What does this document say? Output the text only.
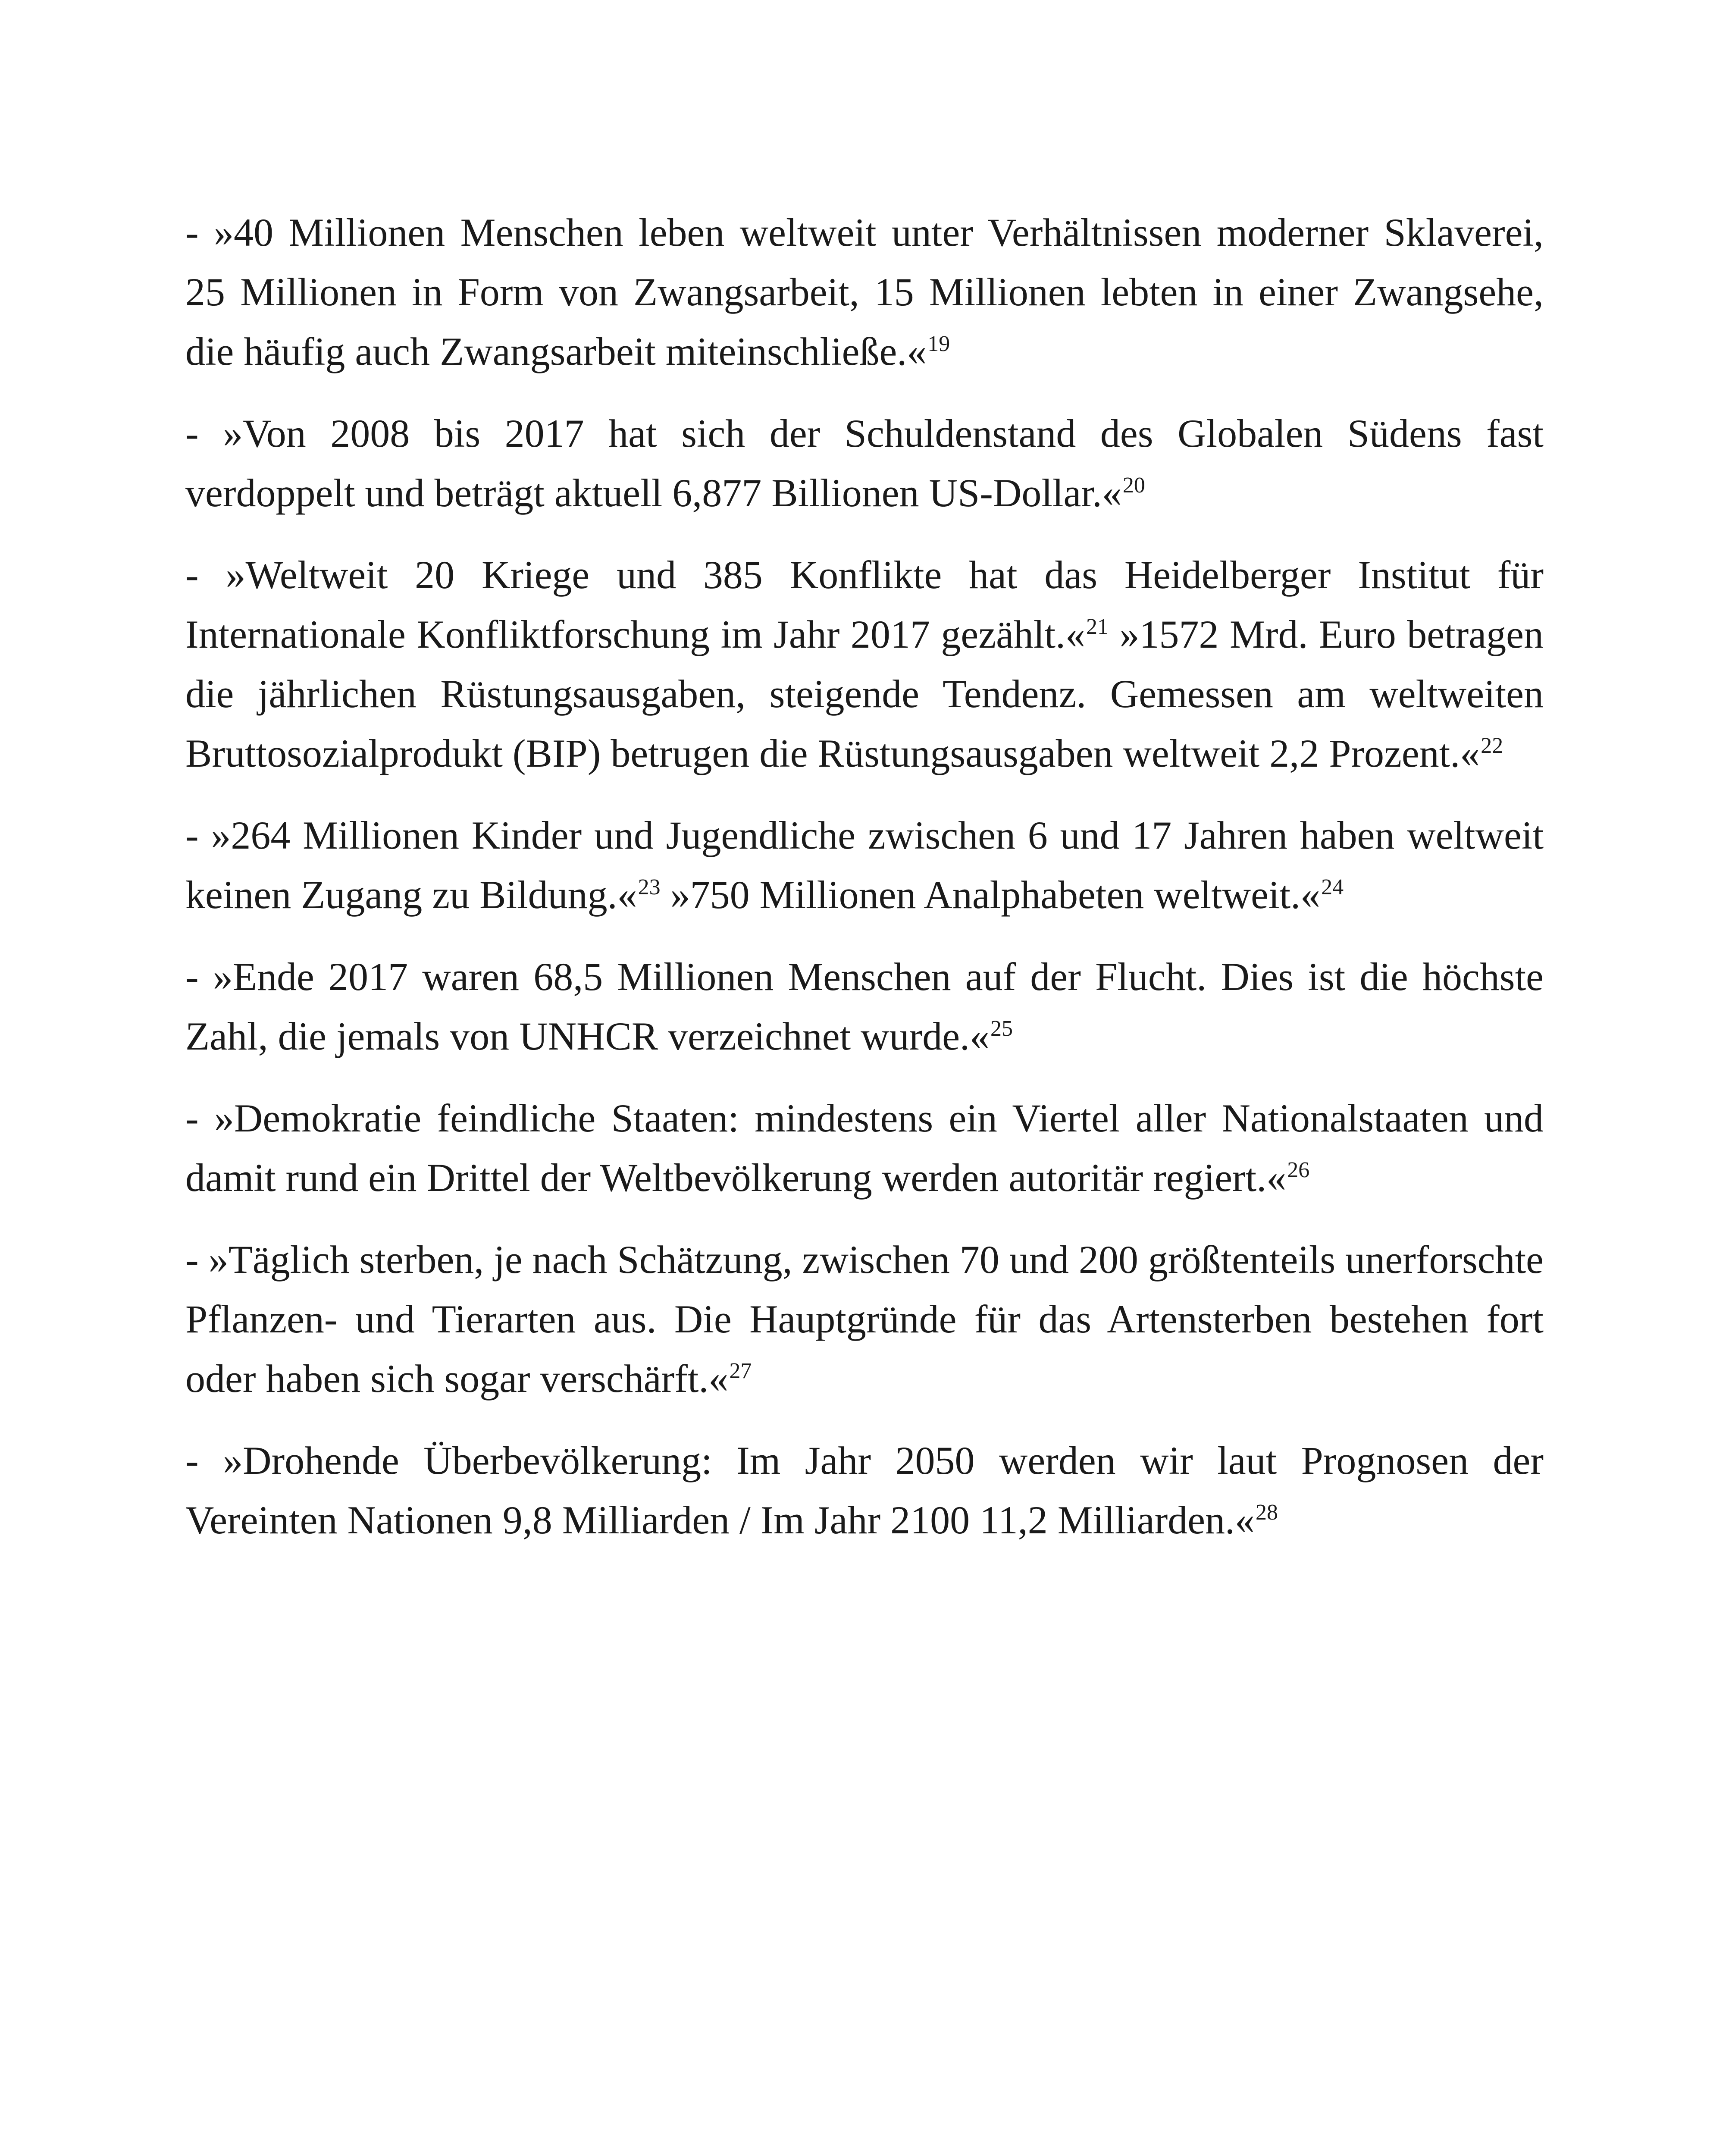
- »40 Millionen Menschen leben weltweit unter Verhältnissen moderner Sklaverei, 25 Millionen in Form von Zwangsarbeit, 15 Millionen lebten in einer Zwangsehe, die häufig auch Zwangsarbeit miteinschließe.«$^{19}$

- »Von 2008 bis 2017 hat sich der Schuldenstand des Globalen Südens fast verdoppelt und beträgt aktuell 6,877 Billionen US-Dollar.«$^{20}$

- »Weltweit 20 Kriege und 385 Konflikte hat das Heidelberger Institut für Internationale Konfliktforschung im Jahr 2017 gezählt.«$^{21}$ »1572 Mrd. Euro betragen die jährlichen Rüstungsausgaben, steigende Tendenz. Gemessen am weltweiten Bruttosozialprodukt (BIP) betrugen die Rüstungsausgaben weltweit 2,2 Prozent.«$^{22}$

- »264 Millionen Kinder und Jugendliche zwischen 6 und 17 Jahren haben weltweit keinen Zugang zu Bildung.«$^{23}$ »750 Millionen Analphabeten weltweit.«$^{24}$

- »Ende 2017 waren 68,5 Millionen Menschen auf der Flucht. Dies ist die höchste Zahl, die jemals von UNHCR verzeichnet wurde.«$^{25}$

- »Demokratie feindliche Staaten: mindestens ein Viertel aller Nationalstaaten und damit rund ein Drittel der Weltbevölkerung werden autoritär regiert.«$^{26}$

- »Täglich sterben, je nach Schätzung, zwischen 70 und 200 größtenteils unerforschte Pflanzen- und Tierarten aus. Die Hauptgründe für das Artensterben bestehen fort oder haben sich sogar verschärft.«$^{27}$

- »Drohende Überbevölkerung: Im Jahr 2050 werden wir laut Prognosen der Vereinten Nationen 9,8 Milliarden / Im Jahr 2100 11,2 Milliarden.«$^{28}$
